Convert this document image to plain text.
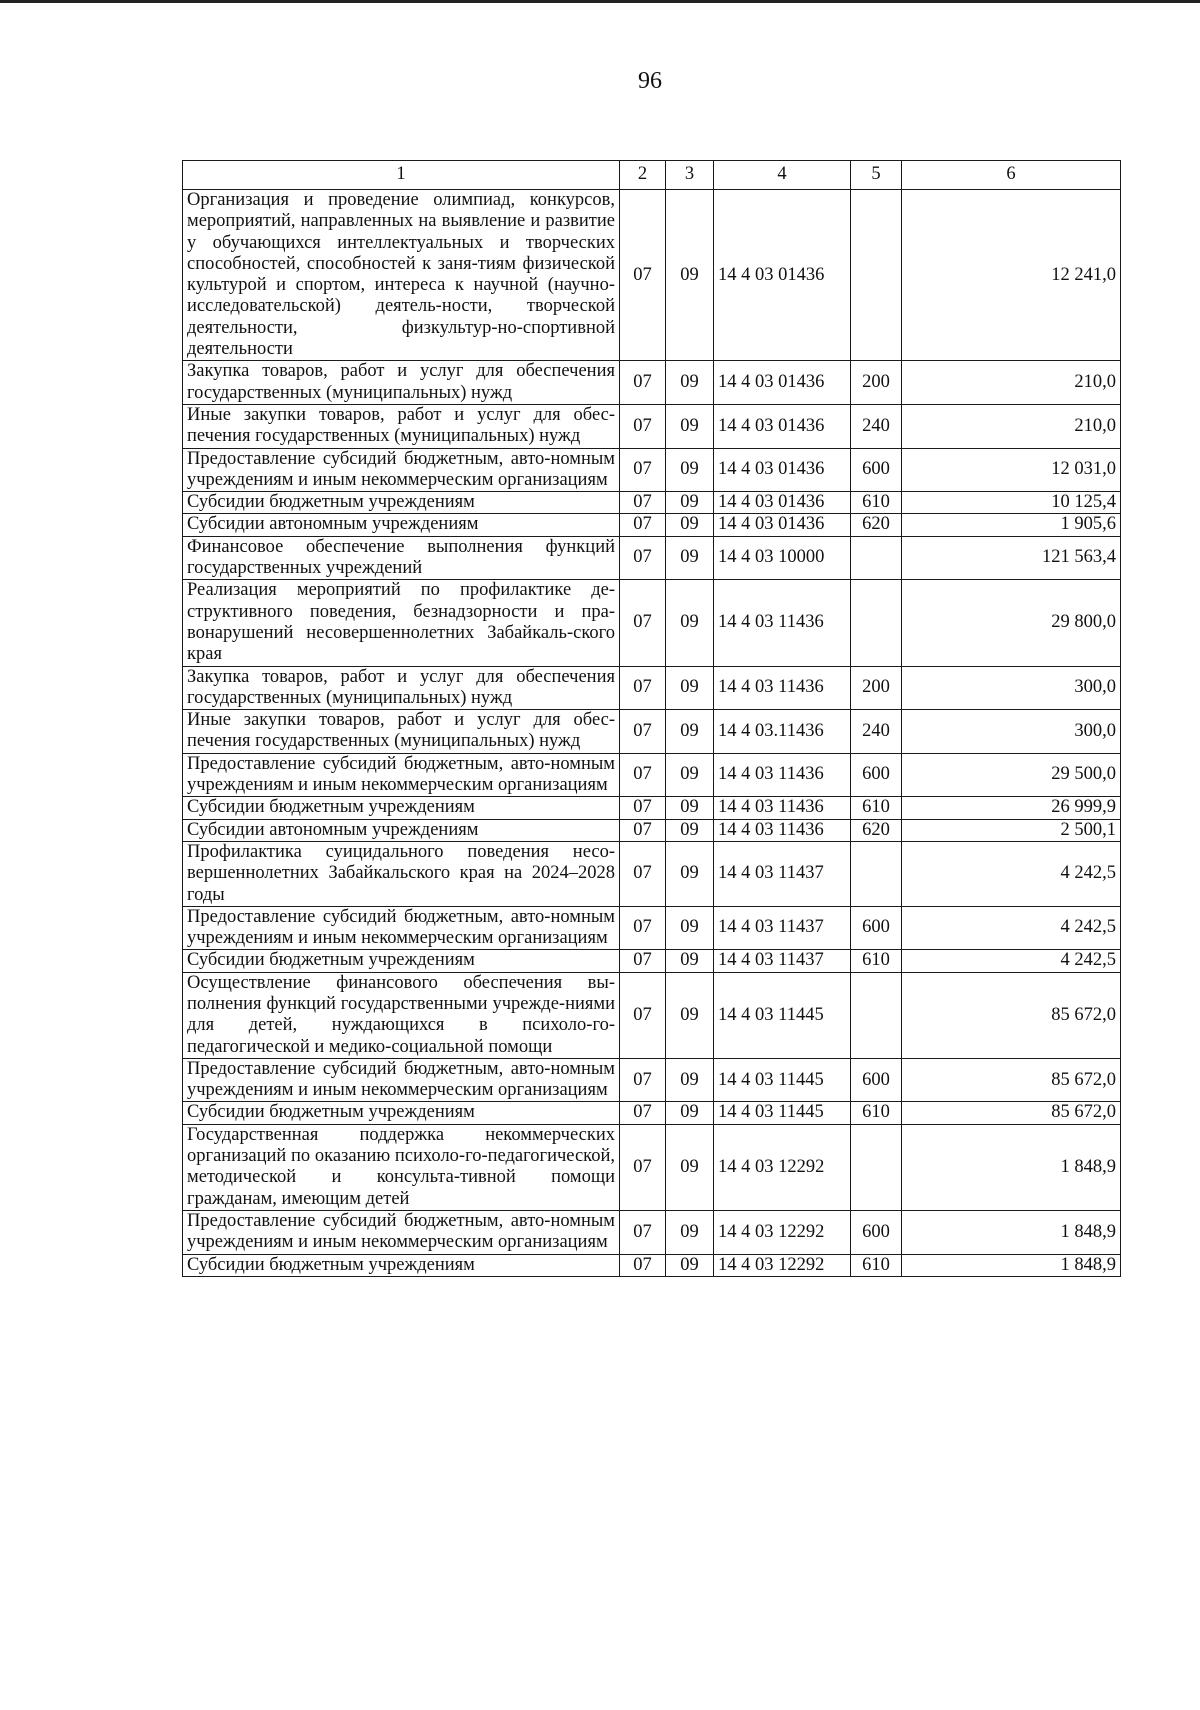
96
1	2	3	4	5	6
Организация и проведение олимпиад, конкурсов, мероприятий, направленных на выявление и развитие у обучающихся интеллектуальных и творческих способностей, способностей к заня-тиям физической культурой и спортом, интереса к научной (научно-исследовательской) деятель-ности, творческой деятельности, физкультур-но-спортивной деятельности	07	09	14 4 03 01436		12 241,0
Закупка товаров, работ и услуг для обеспечения государственных (муниципальных) нужд	07	09	14 4 03 01436	200	210,0
Иные закупки товаров, работ и услуг для обес-печения государственных (муниципальных) нужд	07	09	14 4 03 01436	240	210,0
Предоставление субсидий бюджетным, авто-номным учреждениям и иным некоммерческим организациям	07	09	14 4 03 01436	600	12 031,0
Субсидии бюджетным учреждениям	07	09	14 4 03 01436	610	10 125,4
Субсидии автономным учреждениям	07	09	14 4 03 01436	620	1 905,6
Финансовое обеспечение выполнения функций государственных учреждений	07	09	14 4 03 10000		121 563,4
Реализация мероприятий по профилактике де-структивного поведения, безнадзорности и пра-вонарушений несовершеннолетних Забайкаль-ского края	07	09	14 4 03 11436		29 800,0
Закупка товаров, работ и услуг для обеспечения государственных (муниципальных) нужд	07	09	14 4 03 11436	200	300,0
Иные закупки товаров, работ и услуг для обес-печения государственных (муниципальных) нужд	07	09	14 4 03.11436	240	300,0
Предоставление субсидий бюджетным, авто-номным учреждениям и иным некоммерческим организациям	07	09	14 4 03 11436	600	29 500,0
Субсидии бюджетным учреждениям	07	09	14 4 03 11436	610	26 999,9
Субсидии автономным учреждениям	07	09	14 4 03 11436	620	2 500,1
Профилактика суицидального поведения несо-вершеннолетних Забайкальского края на 2024–2028 годы	07	09	14 4 03 11437		4 242,5
Предоставление субсидий бюджетным, авто-номным учреждениям и иным некоммерческим организациям	07	09	14 4 03 11437	600	4 242,5
Субсидии бюджетным учреждениям	07	09	14 4 03 11437	610	4 242,5
Осуществление финансового обеспечения вы-полнения функций государственными учрежде-ниями для детей, нуждающихся в психоло-го-педагогической и медико-социальной помощи	07	09	14 4 03 11445		85 672,0
Предоставление субсидий бюджетным, авто-номным учреждениям и иным некоммерческим организациям	07	09	14 4 03 11445	600	85 672,0
Субсидии бюджетным учреждениям	07	09	14 4 03 11445	610	85 672,0
Государственная поддержка некоммерческих организаций по оказанию психоло-го-педагогической, методической и консульта-тивной помощи гражданам, имеющим детей	07	09	14 4 03 12292		1 848,9
Предоставление субсидий бюджетным, авто-номным учреждениям и иным некоммерческим организациям	07	09	14 4 03 12292	600	1 848,9
Субсидии бюджетным учреждениям	07	09	14 4 03 12292	610	1 848,9
